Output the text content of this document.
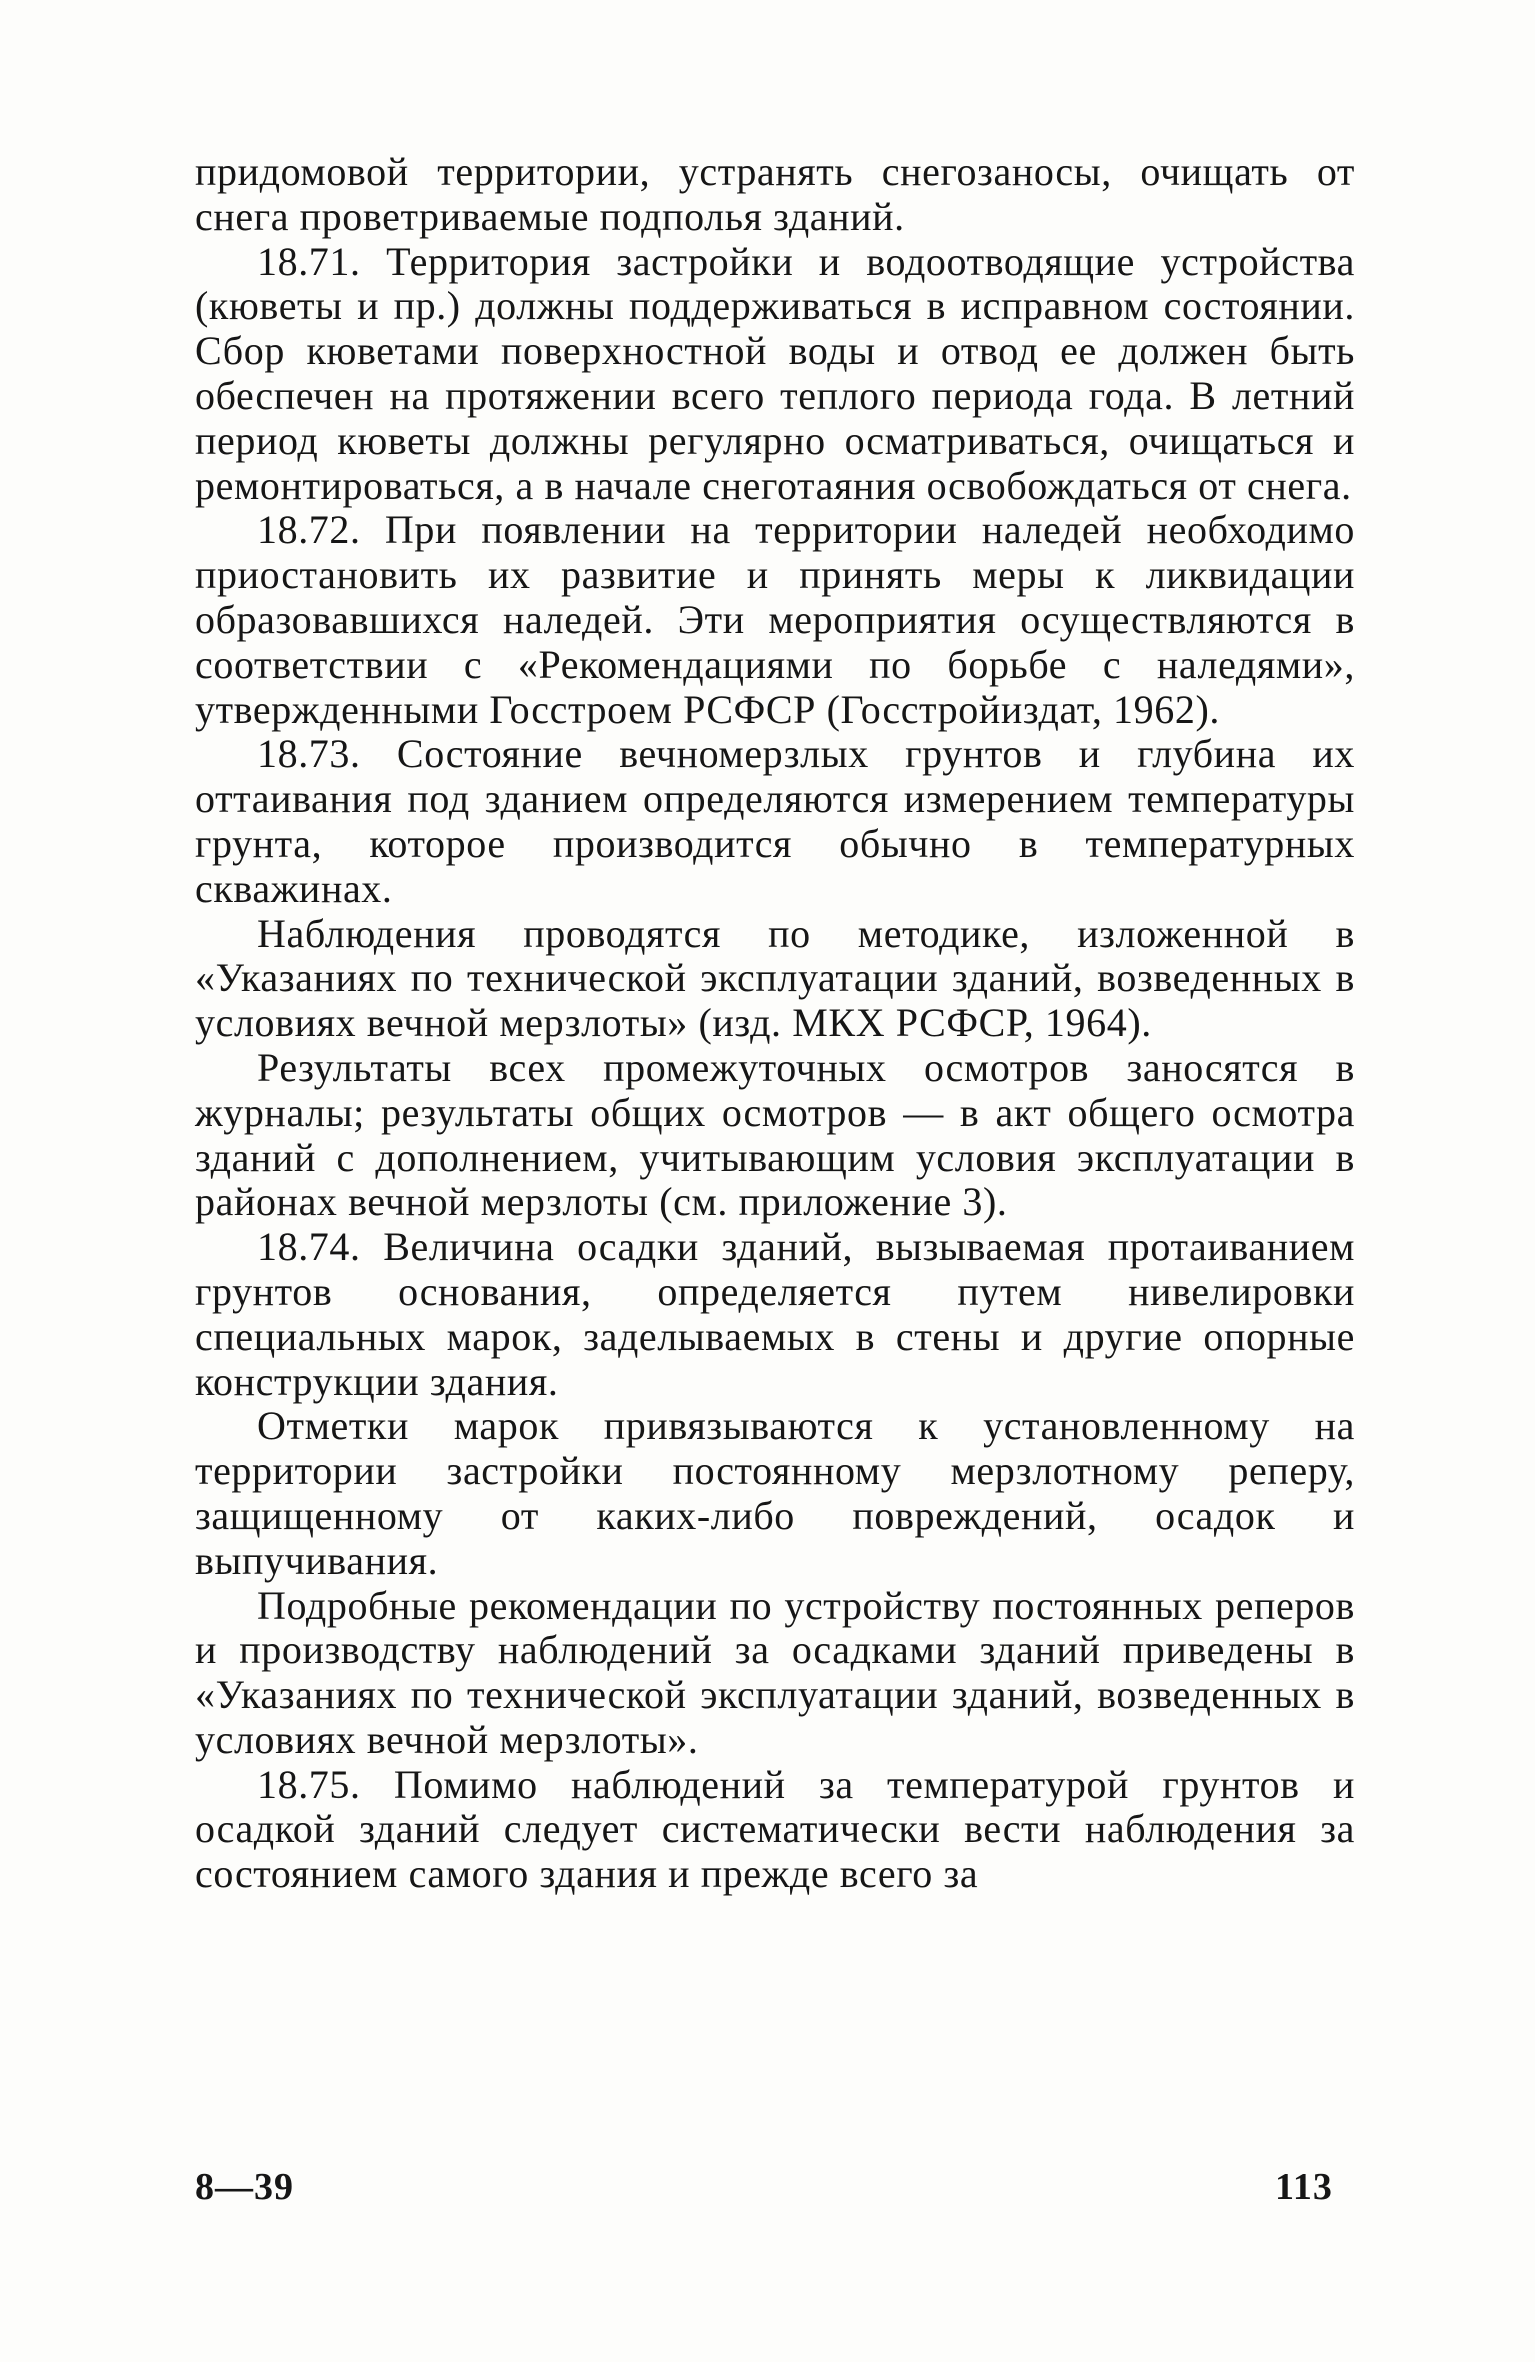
придомовой территории, устранять снегозаносы, очищать от снега проветриваемые подполья зданий.

18.71. Территория застройки и водоотводящие устройства (кюветы и пр.) должны поддерживаться в исправном состоянии. Сбор кюветами поверхностной воды и отвод ее должен быть обеспечен на протяжении всего теплого периода года. В летний период кюветы должны регулярно осматриваться, очищаться и ремонтироваться, а в начале снеготаяния освобождаться от снега.

18.72. При появлении на территории наледей необходимо приостановить их развитие и принять меры к ликвидации образовавшихся наледей. Эти мероприятия осуществляются в соответствии с «Рекомендациями по борьбе с наледями», утвержденными Госстроем РСФСР (Госстройиздат, 1962).

18.73. Состояние вечномерзлых грунтов и глубина их оттаивания под зданием определяются измерением температуры грунта, которое производится обычно в температурных скважинах.

Наблюдения проводятся по методике, изложенной в «Указаниях по технической эксплуатации зданий, возведенных в условиях вечной мерзлоты» (изд. МКХ РСФСР, 1964).

Результаты всех промежуточных осмотров заносятся в журналы; результаты общих осмотров — в акт общего осмотра зданий с дополнением, учитывающим условия эксплуатации в районах вечной мерзлоты (см. приложение 3).

18.74. Величина осадки зданий, вызываемая протаиванием грунтов основания, определяется путем нивелировки специальных марок, заделываемых в стены и другие опорные конструкции здания.

Отметки марок привязываются к установленному на территории застройки постоянному мерзлотному реперу, защищенному от каких-либо повреждений, осадок и выпучивания.

Подробные рекомендации по устройству постоянных реперов и производству наблюдений за осадками зданий приведены в «Указаниях по технической эксплуатации зданий, возведенных в условиях вечной мерзлоты».

18.75. Помимо наблюдений за температурой грунтов и осадкой зданий следует систематически вести наблюдения за состоянием самого здания и прежде всего за

8—39	113
